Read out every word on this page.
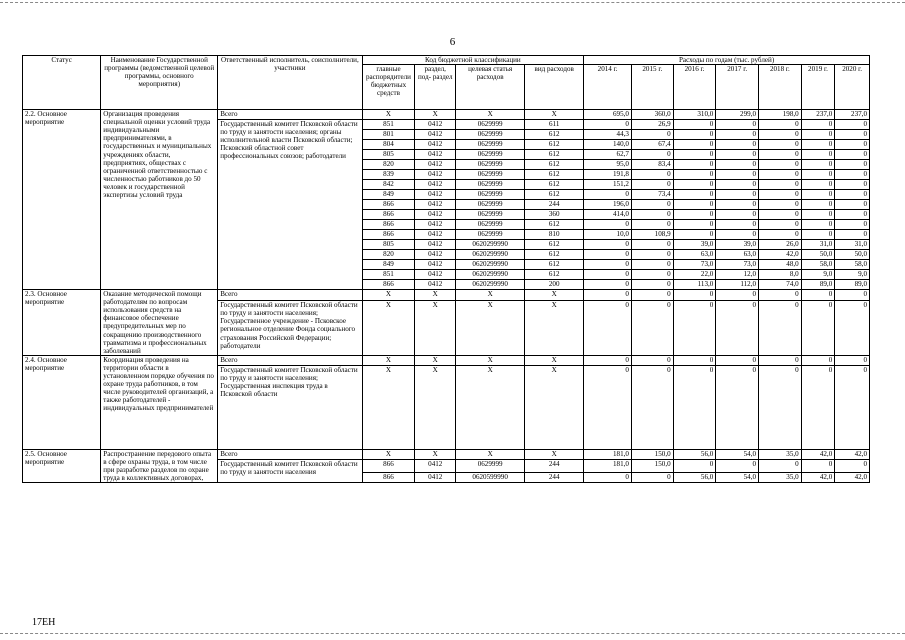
6
Статус	Наименование Государственной программы (ведомственной целевой программы, основного мероприятия)	Ответственный исполнитель, соисполнители, участники	Код бюджетной классификации				Расходы по годам (тыс. рублей)						
			главные распорядители бюджетных средств	раздел, под- раздел	целевая статья расходов	вид расходов	2014 г.	2015 г.	2016 г.	2017 г.	2018 г.	2019 г.	2020 г.
2.2. Основное мероприятие	Организация проведения специальной оценки условий труда индивидуальными предпринимателями, в государственных и муниципальных учреждениях области, предприятиях, обществах с ограниченной ответственностью с численностью работников до 50 человек и государственной экспертизы условий труда	Всего	Х	Х	Х	Х	695,0	360,0	310,0	299,0	198,0	237,0	237,0
		Государственный комитет Псковской области по труду и занятости населения; органы исполнительной власти Псковской области; Псковский областной совет профессиональных союзов; работодатели	851	0412	0629999	611	0	26,9	0	0	0	0	0
			801	0412	0629999	612	44,3	0	0	0	0	0	0
			804	0412	0629999	612	140,0	67,4	0	0	0	0	0
			805	0412	0629999	612	62,7	0	0	0	0	0	0
			820	0412	0629999	612	95,0	83,4	0	0	0	0	0
			839	0412	0629999	612	191,8	0	0	0	0	0	0
			842	0412	0629999	612	151,2	0	0	0	0	0	0
			849	0412	0629999	612	0	73,4	0	0	0	0	0
			866	0412	0629999	244	196,0	0	0	0	0	0	0
			866	0412	0629999	360	414,0	0	0	0	0	0	0
			866	0412	0629999	612	0	0	0	0	0	0	0
			866	0412	0629999	810	10,0	108,9	0	0	0	0	0
			805	0412	0620299990	612	0	0	39,0	39,0	26,0	31,0	31,0
			820	0412	0620299990	612	0	0	63,0	63,0	42,0	50,0	50,0
			849	0412	0620299990	612	0	0	73,0	73,0	48,0	58,0	58,0
			851	0412	0620299990	612	0	0	22,0	12,0	8,0	9,0	9,0
			866	0412	0620299990	200	0	0	113,0	112,0	74,0	89,0	89,0
2.3. Основное мероприятие	Оказание методической помощи работодателям по вопросам использования средств на финансовое обеспечение предупредительных мер по сокращению производственного травматизма и профессиональных заболеваний	Всего	Х	Х	Х	Х	0	0	0	0	0	0	0
		Государственный комитет Псковской области по труду и занятости населения; Государственное учреждение - Псковское региональное отделение Фонда социального страхования Российской Федерации; работодатели	Х	Х	Х	Х	0	0	0	0	0	0	0
2.4. Основное мероприятие	Координация проведения на территории области в установленном порядке обучения по охране труда работников, в том числе руководителей организаций, а также работодателей - индивидуальных предпринимателей	Всего	Х	Х	Х	Х	0	0	0	0	0	0	0
		Государственный комитет Псковской области по труду и занятости населения; Государственная инспекция труда в Псковской области	Х	Х	Х	Х	0	0	0	0	0	0	0
2.5. Основное мероприятие	Распространение передового опыта в сфере охраны труда, в том числе при разработке разделов по охране труда в коллективных договорах,	Всего	Х	Х	Х	Х	181,0	150,0	56,0	54,0	35,0	42,0	42,0
		Государственный комитет Псковской области по труду и занятости населения	866	0412	0629999	244	181,0	150,0	0	0	0	0	0
			866	0412	0620599990	244	0	0	56,0	54,0	35,0	42,0	42,0
17EH
